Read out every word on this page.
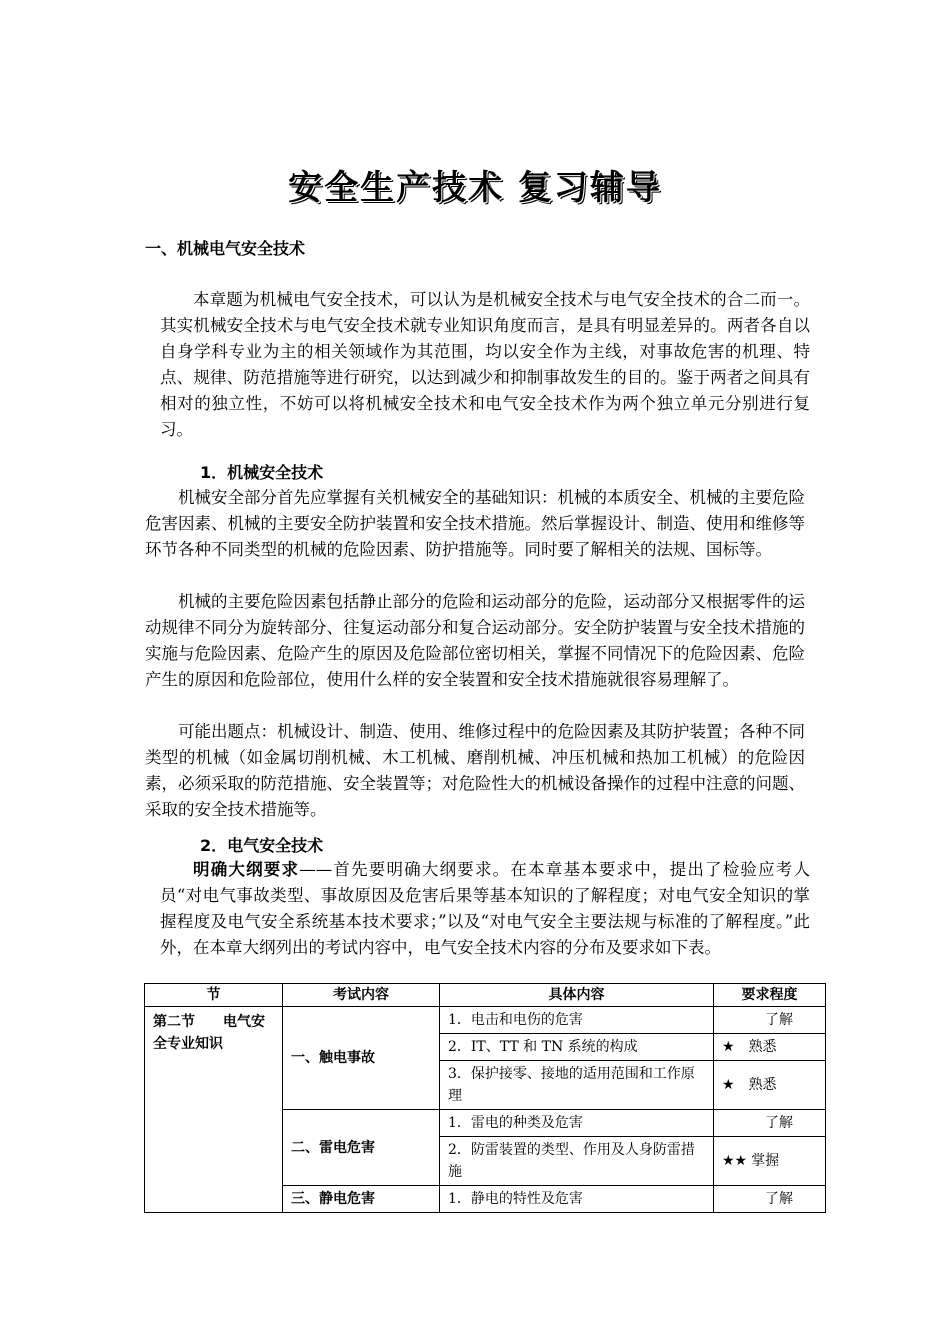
安全生产技术 复习辅导
一、机械电气安全技术
本章题为机械电气安全技术，可以认为是机械安全技术与电气安全技术的合二而一。其实机械安全技术与电气安全技术就专业知识角度而言，是具有明显差异的。两者各自以自身学科专业为主的相关领域作为其范围，均以安全作为主线，对事故危害的机理、特点、规律、防范措施等进行研究，以达到减少和抑制事故发生的目的。鉴于两者之间具有相对的独立性，不妨可以将机械安全技术和电气安全技术作为两个独立单元分别进行复习。
1．机械安全技术
机械安全部分首先应掌握有关机械安全的基础知识：机械的本质安全、机械的主要危险危害因素、机械的主要安全防护装置和安全技术措施。然后掌握设计、制造、使用和维修等环节各种不同类型的机械的危险因素、防护措施等。同时要了解相关的法规、国标等。
机械的主要危险因素包括静止部分的危险和运动部分的危险，运动部分又根据零件的运动规律不同分为旋转部分、往复运动部分和复合运动部分。安全防护装置与安全技术措施的实施与危险因素、危险产生的原因及危险部位密切相关，掌握不同情况下的危险因素、危险产生的原因和危险部位，使用什么样的安全装置和安全技术措施就很容易理解了。
可能出题点：机械设计、制造、使用、维修过程中的危险因素及其防护装置；各种不同类型的机械（如金属切削机械、木工机械、磨削机械、冲压机械和热加工机械）的危险因素，必须采取的防范措施、安全装置等；对危险性大的机械设备操作的过程中注意的问题、采取的安全技术措施等。
2．电气安全技术
明确大纲要求——首先要明确大纲要求。在本章基本要求中，提出了检验应考人员“对电气事故类型、事故原因及危害后果等基本知识的了解程度；对电气安全知识的掌握程度及电气安全系统基本技术要求；”以及“对电气安全主要法规与标准的了解程度。”此外，在本章大纲列出的考试内容中，电气安全技术内容的分布及要求如下表。
节	考试内容	具体内容	要求程度
第二节　　电气安全专业知识	一、触电事故	1．电击和电伤的危害	了解
		2．IT、TT 和 TN 系统的构成	★ 熟悉
		3．保护接零、接地的适用范围和工作原理	★ 熟悉
	二、雷电危害	1．雷电的种类及危害	了解
		2．防雷装置的类型、作用及人身防雷措施	★★ 掌握
	三、静电危害	1．静电的特性及危害	了解
